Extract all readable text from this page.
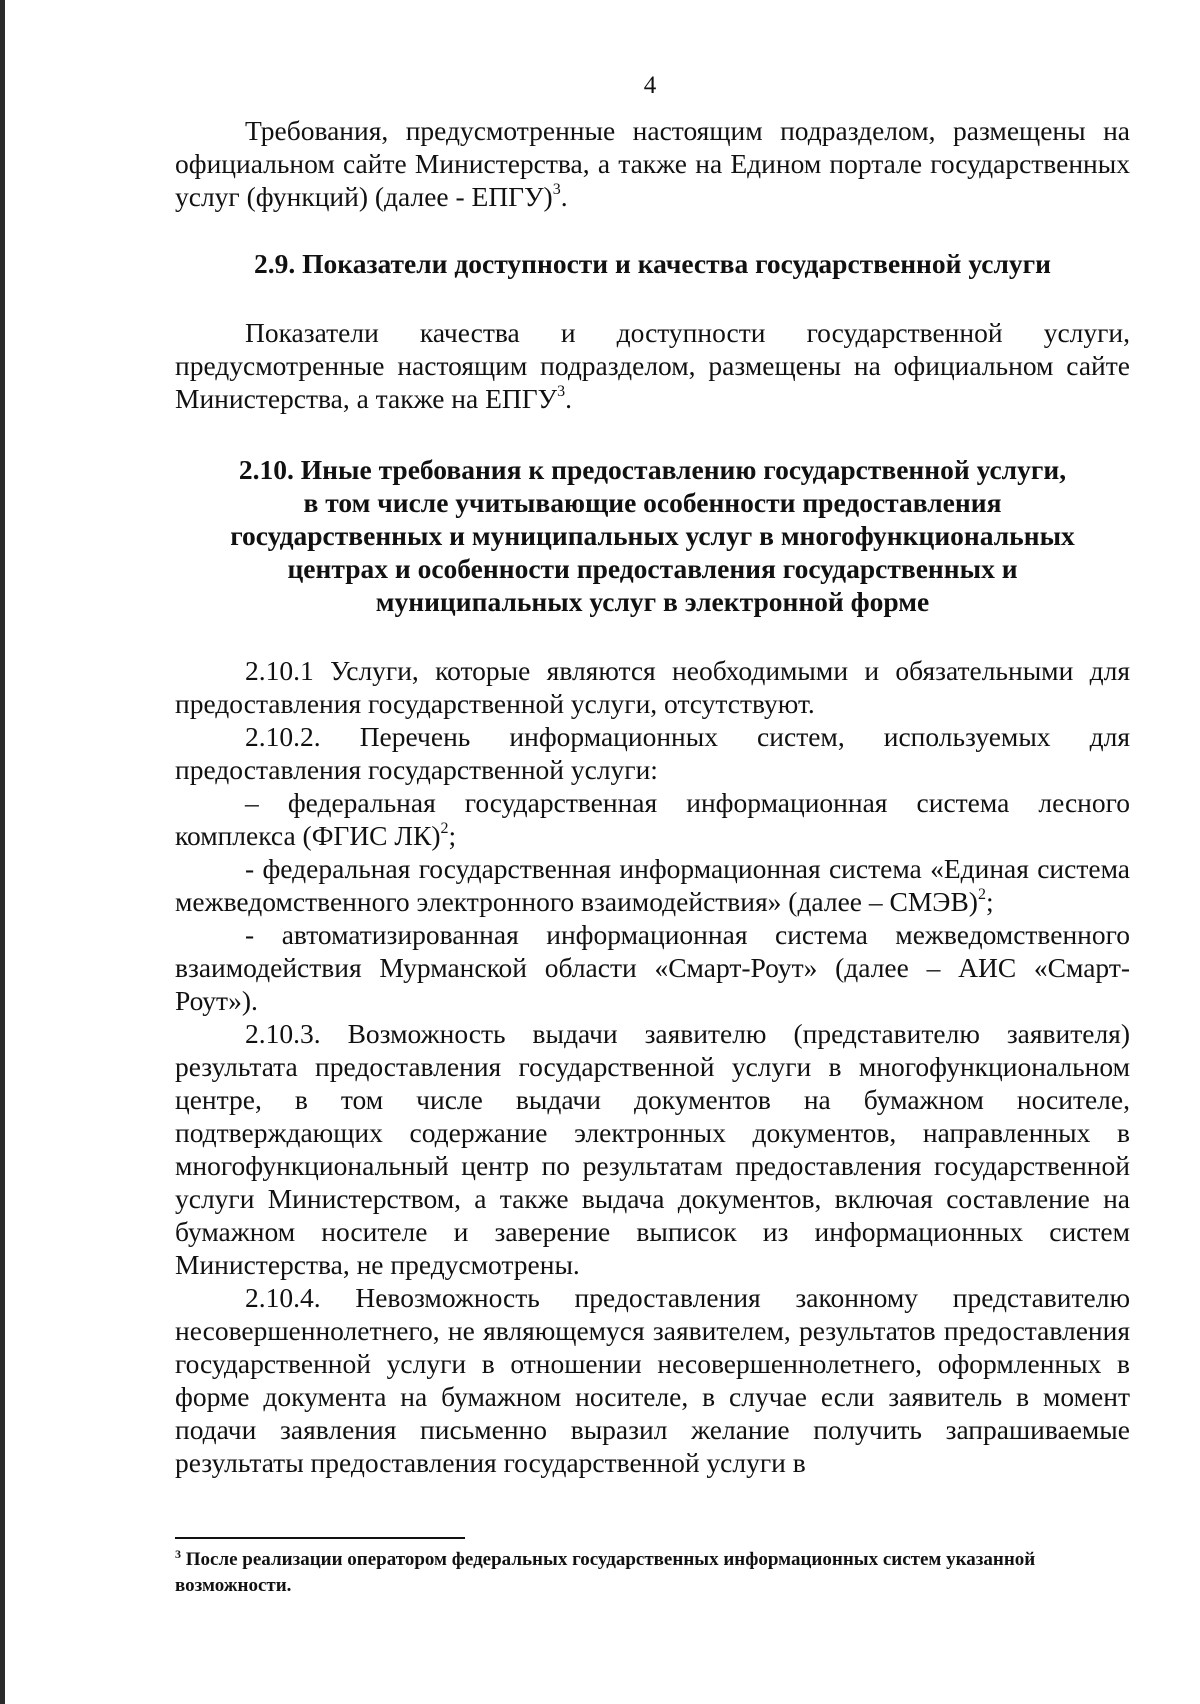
4

Требования, предусмотренные настоящим подразделом, размещены на официальном сайте Министерства, а также на Едином портале государственных услуг (функций) (далее - ЕПГУ)$^3$.

2.9. Показатели доступности и качества государственной услуги

Показатели качества и доступности государственной услуги, предусмотренные настоящим подразделом, размещены на официальном сайте Министерства, а также на ЕПГУ$^3$.

2.10. Иные требования к предоставлению государственной услуги,

в том числе учитывающие особенности предоставления

государственных и муниципальных услуг в многофункциональных

центрах и особенности предоставления государственных и

муниципальных услуг в электронной форме

2.10.1 Услуги, которые являются необходимыми и обязательными для предоставления государственной услуги, отсутствуют.

2.10.2. Перечень информационных систем, используемых для предоставления государственной услуги:

– федеральная государственная информационная система лесного комплекса (ФГИС ЛК)$^2$;

- федеральная государственная информационная система «Единая система межведомственного электронного взаимодействия» (далее – СМЭВ)$^2$;

- автоматизированная информационная система межведомственного взаимодействия Мурманской области «Смарт-Роут» (далее – АИС «Смарт-Роут»).

2.10.3. Возможность выдачи заявителю (представителю заявителя) результата предоставления государственной услуги в многофункциональном центре, в том числе выдачи документов на бумажном носителе, подтверждающих содержание электронных документов, направленных в многофункциональный центр по результатам предоставления государственной услуги Министерством, а также выдача документов, включая составление на бумажном носителе и заверение выписок из информационных систем Министерства, не предусмотрены.

2.10.4. Невозможность предоставления законному представителю несовершеннолетнего, не являющемуся заявителем, результатов предоставления государственной услуги в отношении несовершеннолетнего, оформленных в форме документа на бумажном носителе, в случае если заявитель в момент подачи заявления письменно выразил желание получить запрашиваемые результаты предоставления государственной услуги в

$^3$ После реализации оператором федеральных государственных информационных систем указанной возможности.
